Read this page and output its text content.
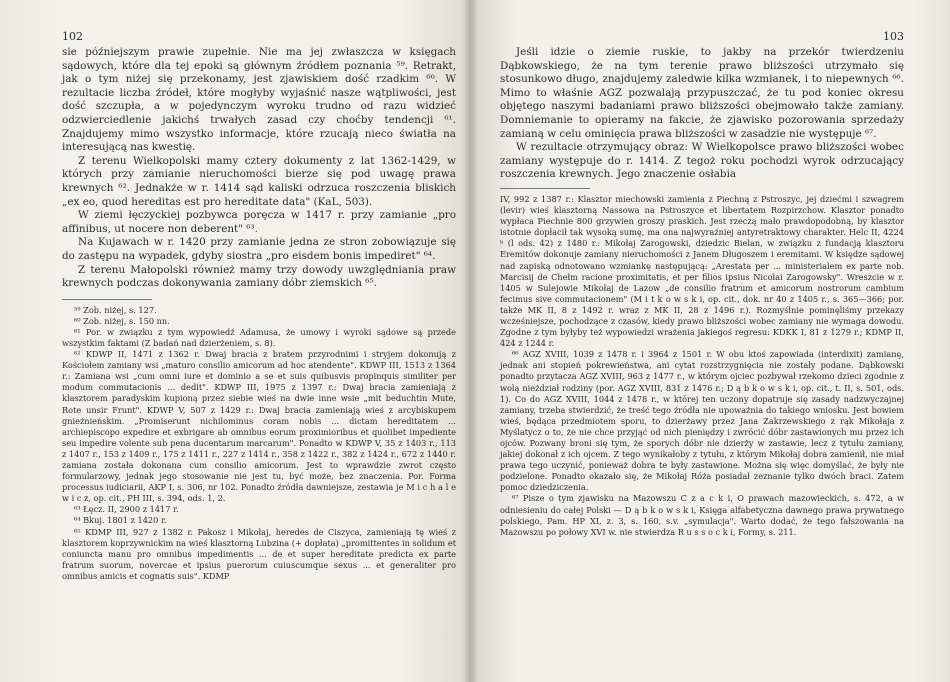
102

sie późniejszym prawie zupełnie. Nie ma jej zwłaszcza w księgach sądowych, które dla tej epoki są głównym źródłem poznania ⁵⁹. Retrakt, jak o tym niżej się przekonamy, jest zjawiskiem dość rzadkim ⁶⁰. W rezultacie liczba źródeł, które mogłyby wyjaśnić nasze wątpliwości, jest dość szczupła, a w pojedynczym wyroku trudno od razu widzieć odzwierciedlenie jakichś trwałych zasad czy choćby tendencji ⁶¹. Znajdujemy mimo wszystko informacje, które rzucają nieco światła na interesującą nas kwestię.

Z terenu Wielkopolski mamy cztery dokumenty z lat 1362-1429, w których przy zamianie nieruchomości bierze się pod uwagę prawa krewnych ⁶². Jednakże w r. 1414 sąd kaliski odrzuca roszczenia bliskich „ex eo, quod hereditas est pro hereditate data" (KaL, 503).

W ziemi łęczyckiej pozbywca poręcza w 1417 r. przy zamianie „pro affinibus, ut nocere non deberent" ⁶³.

Na Kujawach w r. 1420 przy zamianie jedna ze stron zobowiązuje się do zastępu na wypadek, gdyby siostra „pro eisdem bonis impediret" ⁶⁴.

Z terenu Małopolski również mamy trzy dowody uwzględniania praw krewnych podczas dokonywania zamiany dóbr ziemskich ⁶⁵.

⁵⁹ Zob. niżej, s. 127.

⁶⁰ Zob. niżej, s. 150 nn.

⁶¹ Por. w związku z tym wypowiedź Adamusa, że umowy i wyroki sądowe są przede wszystkim faktami (Z badań nad dzierżeniem, s. 8).

⁶² KDWP II, 1471 z 1362 r. Dwaj bracia z bratem przyrodnimi i stryjem dokonują z Kościołem zamiany wsi „maturo consilio amicorum ad hoc atendente". KDWP III, 1513 z 1364 r.: Zamiana wsi „cum omni iure et dominio a se et suis quibusvis propinquis similiter per modum commutacionis ... dedit". KDWP III, 1975 z 1397 r.: Dwaj bracia zamieniają z klasztorem paradyskim kupioną przez siebie wieś na dwie inne wsie „mit beduchtin Mute, Rote unsir Frunt". KDWP V, 507 z 1429 r.: Dwaj bracia zamieniają wieś z arcybiskupem gnieźnieńskim. „Promiserunt nichilominus coram nobis ... dictam hereditatem ... archiepiscopo expedire et exbrigare ab omnibus eorum proximioribus et quolibet impediente seu impedire volente sub pena ducentarum marcarum". Ponadto w KDWP V, 35 z 1403 r., 113 z 1407 r., 153 z 1409 r., 175 z 1411 r., 227 z 1414 r., 358 z 1422 r., 382 z 1424 r., 672 z 1440 r. zamiana została dokonana cum consilio amicorum. Jest to wprawdzie zwrot często formularzowy, jednak jego stosowanie nie jest tu, być może, bez znaczenia. Por. Forma processus iudiciarii, AKP I, s. 306, nr 102. Ponadto źródła dawniejsze, zestawia je M i c h a l e w i c z, op. cit., PH III, s. 394, ods. 1, 2.

⁶³ Łęcz. II, 2900 z 1417 r.

⁶⁴ Bkuj. 1801 z 1420 r.

⁶⁵ KDMP III, 927 z 1382 r. Pakosz i Mikołaj, heredes de Ciszyca, zamieniają tę wieś z klasztorem koprzywnickim na wieś klasztorną Lubzina (+ dopłata) „promittentes in solidum et coniuncta manu pro omnibus impedimentis ... de et super hereditate predicta ex parte fratrum suorum, novercae et ipsius puerorum cuiuscumque sexus ... et generaliter pro omnibus amicis et cognatis suis". KDMP

103

Jeśli idzie o ziemie ruskie, to jakby na przekór twierdzeniu Dąbkowskiego, że na tym terenie prawo bliższości utrzymało się stosunkowo długo, znajdujemy zaledwie kilka wzmianek, i to niepewnych ⁶⁶. Mimo to właśnie AGZ pozwalają przypuszczać, że tu pod koniec okresu objętego naszymi badaniami prawo bliższości obejmowało także zamiany. Domniemanie to opieramy na fakcie, że zjawisko pozorowania sprzedaży zamianą w celu ominięcia prawa bliższości w zasadzie nie występuje ⁶⁷.

W rezultacie otrzymujący obraz: W Wielkopolsce prawo bliższości wobec zamiany występuje do r. 1414. Z tegoż roku pochodzi wyrok odrzucający roszczenia krewnych. Jego znaczenie osłabia

IV, 992 z 1387 r.: Klasztor miechowski zamienia z Piechną z Pstroszyc, jej dziećmi i szwagrem (levir) wieś klasztorną Nassowa na Pstroszyce et libertatem Rozpirzchow. Klasztor ponadto wypłaca Piechnie 800 grzywien groszy praskich. Jest rzeczą mało prawdopodobną, by klasztor istotnie dopłacił tak wysoką sumę, ma ona najwyraźniej antyretraktowy charakter. Helc II, 4224 ᵇ (l ods. 42) z 1480 r.: Mikołaj Zarogowski, dziedzic Bielan, w związku z fundacją klasztoru Eremitów dokonuje zamiany nieruchomości z Janem Długoszem i eremitami. W księdze sądowej nad zapiską odnotowano wzmiankę następującą: „Arestata per ... ministerialem ex parte nob. Marcisij de Chełm racione proximitatis, et per filios ipsius Nicolai Zarogowsky". Wreszcie w r. 1405 w Sulejowie Mikołaj de Lazow „de consilio fratrum et amicorum nostrorum cambium fecimus sive commutacionem" (M i t k o w s k i, op. cit., dok. nr 40 z 1405 r., s. 365—366; por. także MK II, 8 z 1492 r. wraz z MK II, 28 z 1496 r.). Rozmyślnie pominęliśmy przekazy wcześniejsze, pochodzące z czasów, kiedy prawo bliższości wobec zamiany nie wymaga dowodu. Zgodne z tym byłyby też wypowiedzi wrażenia jakiegoś regresu: KDKK I, 81 z 1279 r.; KDMP II, 424 z 1244 r.

⁶⁶ AGZ XVIII, 1039 z 1478 r. i 3964 z 1501 r. W obu ktoś zapowiada (interdixit) zamianę, jednak ani stopień pokrewieństwa, ani cytat rozstrzygnięcia nie zostały podane. Dąbkowski ponadto przytacza AGZ XVIII, 963 z 1477 r., w którym ojciec pozbywał rzekomo dzieci zgodnie z wolą nieżdział rodziny (por. AGZ XVIII, 831 z 1476 r.; D ą b k o w s k i, op. cit., t. II, s. 501, ods. 1). Co do AGZ XVIII, 1044 z 1478 r., w której ten uczony dopatruje się zasady nadzwyczajnej zamiany, trzeba stwierdzić, że treść tego źródła nie upoważnia do takiego wniosku. Jest bowiem wieś, będąca przedmiotem sporu, to dzierżawy przez Jana Zakrzewskiego z rąk Mikołaja z Myślatycz o to, że nie chce przyjąć od nich pieniędzy i zwrócić dóbr zastawionych mu przez ich ojców. Pozwany broni się tym, że sporych dóbr nie dzierży w zastawie, lecz z tytułu zamiany, jakiej dokonał z ich ojcem. Z tego wynikałoby z tytułu, z którym Mikołaj dobra zamienił, nie miał prawa tego uczynić, ponieważ dobra te były zastawione. Można się więc domyślać, że były nie podzielone. Ponadto okazało się, że Mikołaj Róża posiadał zeznanie tylko dwóch braci. Zatem pomoc dziedziczenia.

⁶⁷ Pisze o tym zjawisku na Mazowszu C z a c k i, O prawach mazowieckich, s. 472, a w odniesieniu do całej Polski — D ą b k o w s k i, Księga alfabetyczna dawnego prawa prywatnego polskiego, Pam. HP XI, z. 3, s. 160, s.v. „symulacja". Warto dodać, że tego fałszowania na Mazowszu po połowy XVI w. nie stwierdza R u s s o c k i, Formy, s. 211.
